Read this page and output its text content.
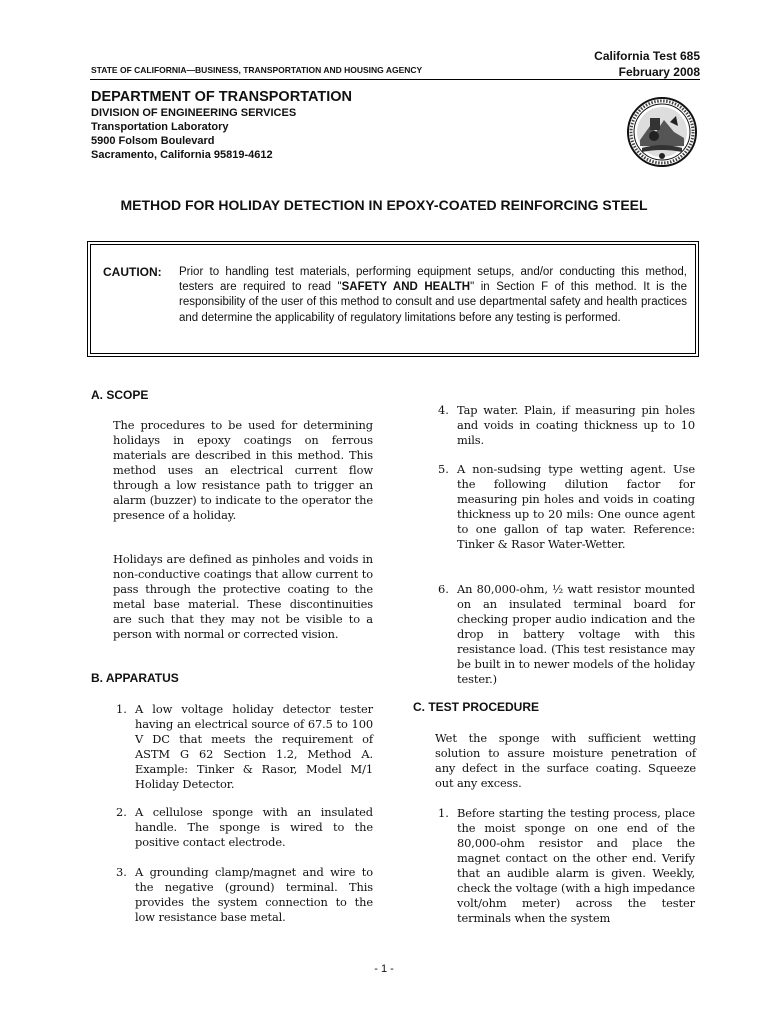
STATE OF CALIFORNIA—BUSINESS, TRANSPORTATION AND HOUSING AGENCY
California Test 685
February 2008
DEPARTMENT OF TRANSPORTATION
DIVISION OF ENGINEERING SERVICES
Transportation Laboratory
5900 Folsom Boulevard
Sacramento, California 95819-4612
METHOD FOR HOLIDAY DETECTION IN EPOXY-COATED REINFORCING STEEL
CAUTION: Prior to handling test materials, performing equipment setups, and/or conducting this method, testers are required to read "SAFETY AND HEALTH" in Section F of this method. It is the responsibility of the user of this method to consult and use departmental safety and health practices and determine the applicability of regulatory limitations before any testing is performed.
A. SCOPE
The procedures to be used for determining holidays in epoxy coatings on ferrous materials are described in this method. This method uses an electrical current flow through a low resistance path to trigger an alarm (buzzer) to indicate to the operator the presence of a holiday.
Holidays are defined as pinholes and voids in non-conductive coatings that allow current to pass through the protective coating to the metal base material. These discontinuities are such that they may not be visible to a person with normal or corrected vision.
B. APPARATUS
1. A low voltage holiday detector tester having an electrical source of 67.5 to 100 V DC that meets the requirement of ASTM G 62 Section 1.2, Method A. Example: Tinker & Rasor, Model M/1 Holiday Detector.
2. A cellulose sponge with an insulated handle. The sponge is wired to the positive contact electrode.
3. A grounding clamp/magnet and wire to the negative (ground) terminal. This provides the system connection to the low resistance base metal.
4. Tap water. Plain, if measuring pin holes and voids in coating thickness up to 10 mils.
5. A non-sudsing type wetting agent. Use the following dilution factor for measuring pin holes and voids in coating thickness up to 20 mils: One ounce agent to one gallon of tap water. Reference: Tinker & Rasor Water-Wetter.
6. An 80,000-ohm, ½ watt resistor mounted on an insulated terminal board for checking proper audio indication and the drop in battery voltage with this resistance load. (This test resistance may be built in to newer models of the holiday tester.)
C. TEST PROCEDURE
Wet the sponge with sufficient wetting solution to assure moisture penetration of any defect in the surface coating. Squeeze out any excess.
1. Before starting the testing process, place the moist sponge on one end of the 80,000-ohm resistor and place the magnet contact on the other end. Verify that an audible alarm is given. Weekly, check the voltage (with a high impedance volt/ohm meter) across the tester terminals when the system
- 1 -
